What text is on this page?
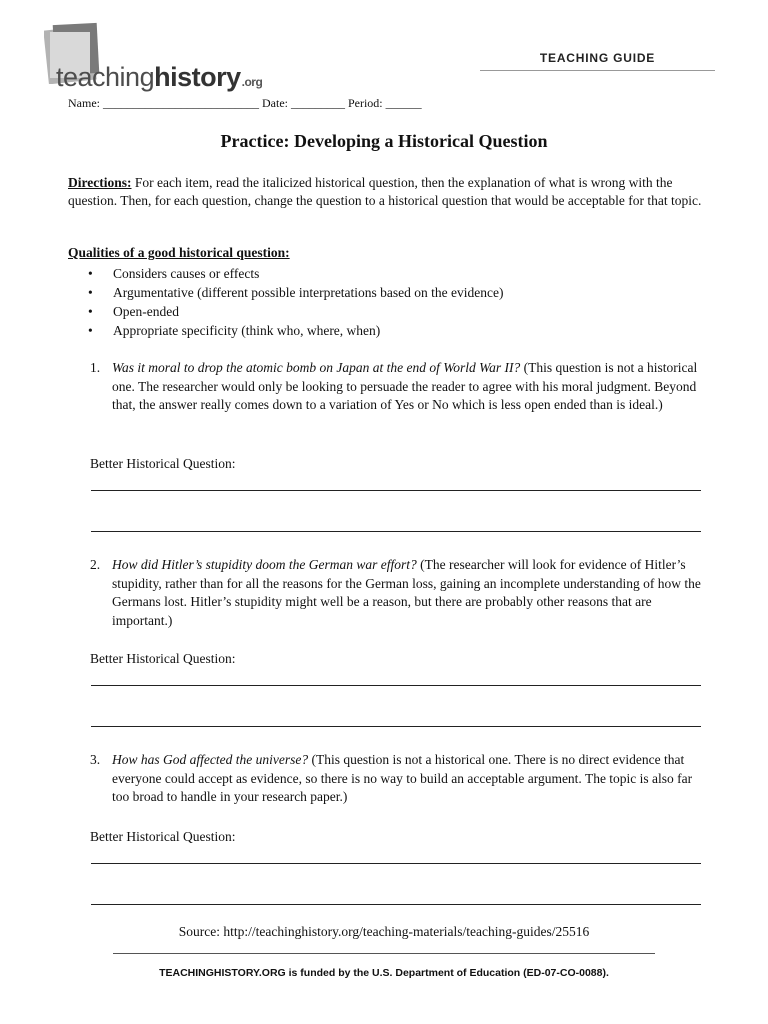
teachinghistory.org
TEACHING GUIDE
Name: __________________________ Date: _________ Period: ______
Practice: Developing a Historical Question
Directions: For each item, read the italicized historical question, then the explanation of what is wrong with the question. Then, for each question, change the question to a historical question that would be acceptable for that topic.
Qualities of a good historical question:
• Considers causes or effects
• Argumentative (different possible interpretations based on the evidence)
• Open-ended
• Appropriate specificity (think who, where, when)
1. Was it moral to drop the atomic bomb on Japan at the end of World War II? (This question is not a historical one. The researcher would only be looking to persuade the reader to agree with his moral judgment. Beyond that, the answer really comes down to a variation of Yes or No which is less open ended than is ideal.)
Better Historical Question:
2. How did Hitler’s stupidity doom the German war effort? (The researcher will look for evidence of Hitler’s stupidity, rather than for all the reasons for the German loss, gaining an incomplete understanding of how the Germans lost. Hitler’s stupidity might well be a reason, but there are probably other reasons that are important.)
Better Historical Question:
3. How has God affected the universe? (This question is not a historical one. There is no direct evidence that everyone could accept as evidence, so there is no way to build an acceptable argument. The topic is also far too broad to handle in your research paper.)
Better Historical Question:
Source: http://teachinghistory.org/teaching-materials/teaching-guides/25516
TEACHINGHISTORY.ORG is funded by the U.S. Department of Education (ED-07-CO-0088).
